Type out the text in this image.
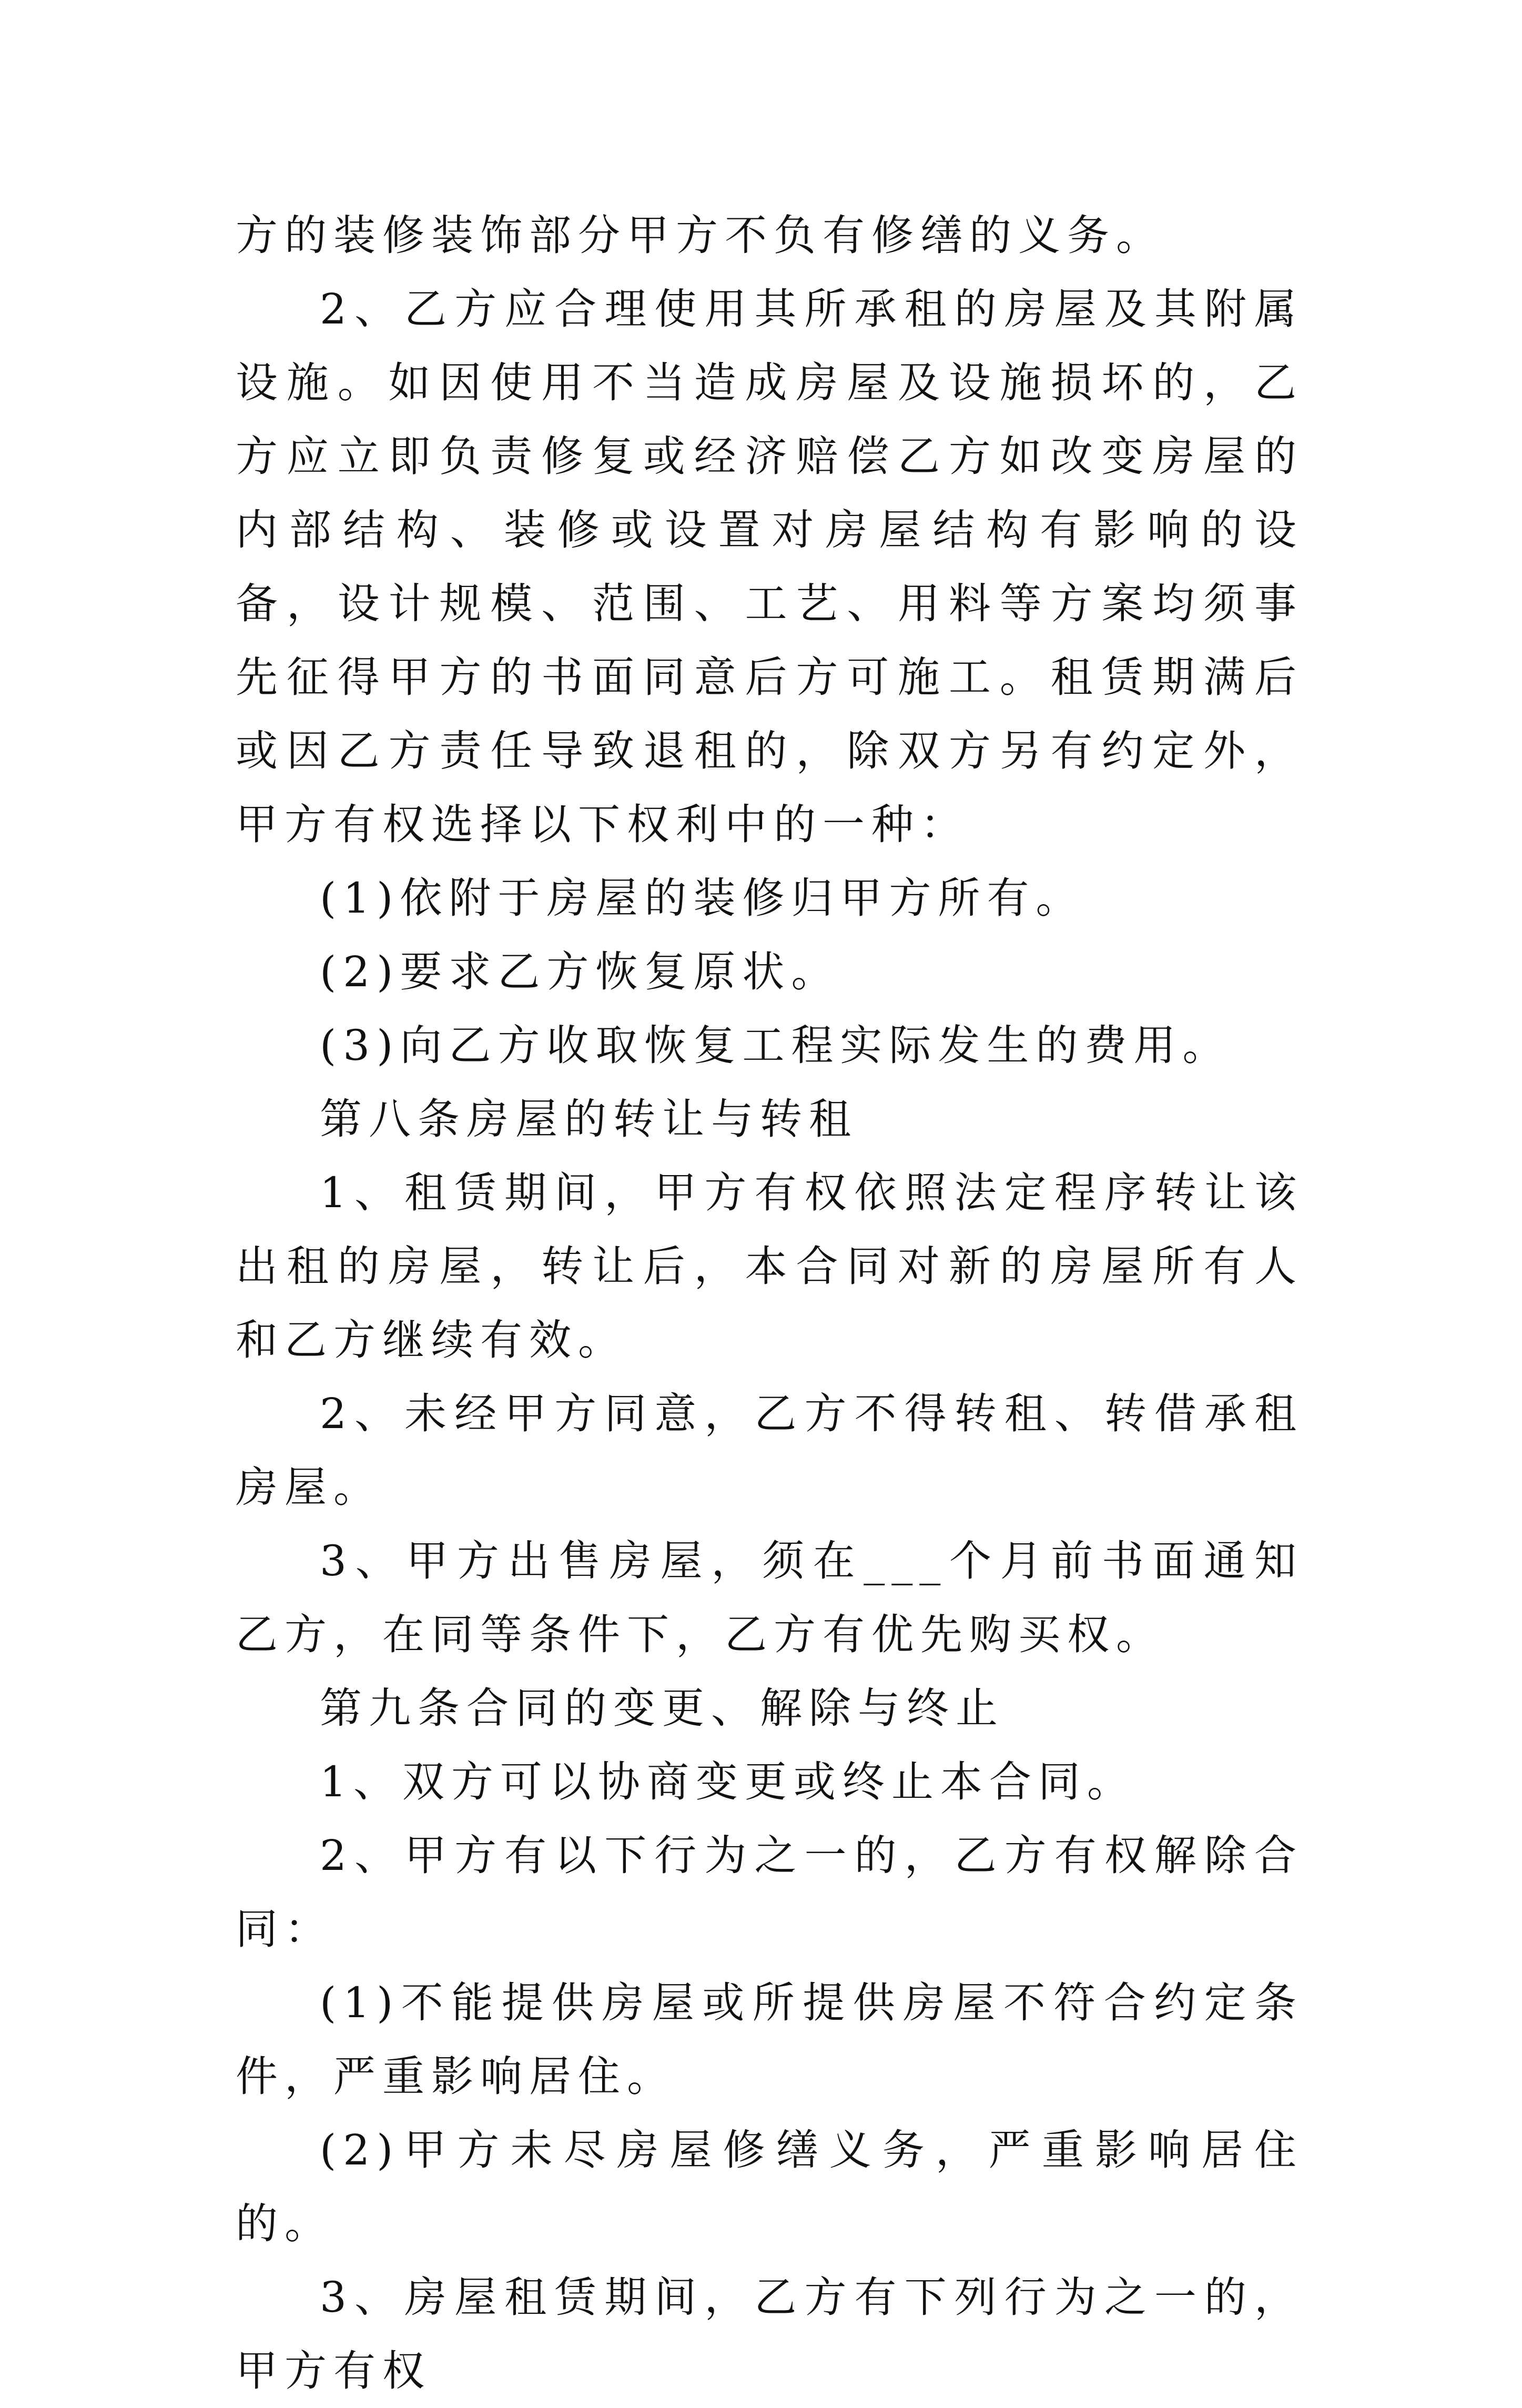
方的装修装饰部分甲方不负有修缮的义务。

2、乙方应合理使用其所承租的房屋及其附属设施。如因使用不当造成房屋及设施损坏的，乙方应立即负责修复或经济赔偿乙方如改变房屋的内部结构、装修或设置对房屋结构有影响的设备，设计规模、范围、工艺、用料等方案均须事先征得甲方的书面同意后方可施工。租赁期满后或因乙方责任导致退租的，除双方另有约定外，甲方有权选择以下权利中的一种：

(1)依附于房屋的装修归甲方所有。

(2)要求乙方恢复原状。

(3)向乙方收取恢复工程实际发生的费用。

第八条房屋的转让与转租

1、租赁期间，甲方有权依照法定程序转让该出租的房屋，转让后，本合同对新的房屋所有人和乙方继续有效。

2、未经甲方同意，乙方不得转租、转借承租房屋。

3、甲方出售房屋，须在___个月前书面通知乙方，在同等条件下，乙方有优先购买权。

第九条合同的变更、解除与终止

1、双方可以协商变更或终止本合同。

2、甲方有以下行为之一的，乙方有权解除合同：

(1)不能提供房屋或所提供房屋不符合约定条件，严重影响居住。

(2)甲方未尽房屋修缮义务，严重影响居住的。

3、房屋租赁期间，乙方有下列行为之一的，甲方有权
